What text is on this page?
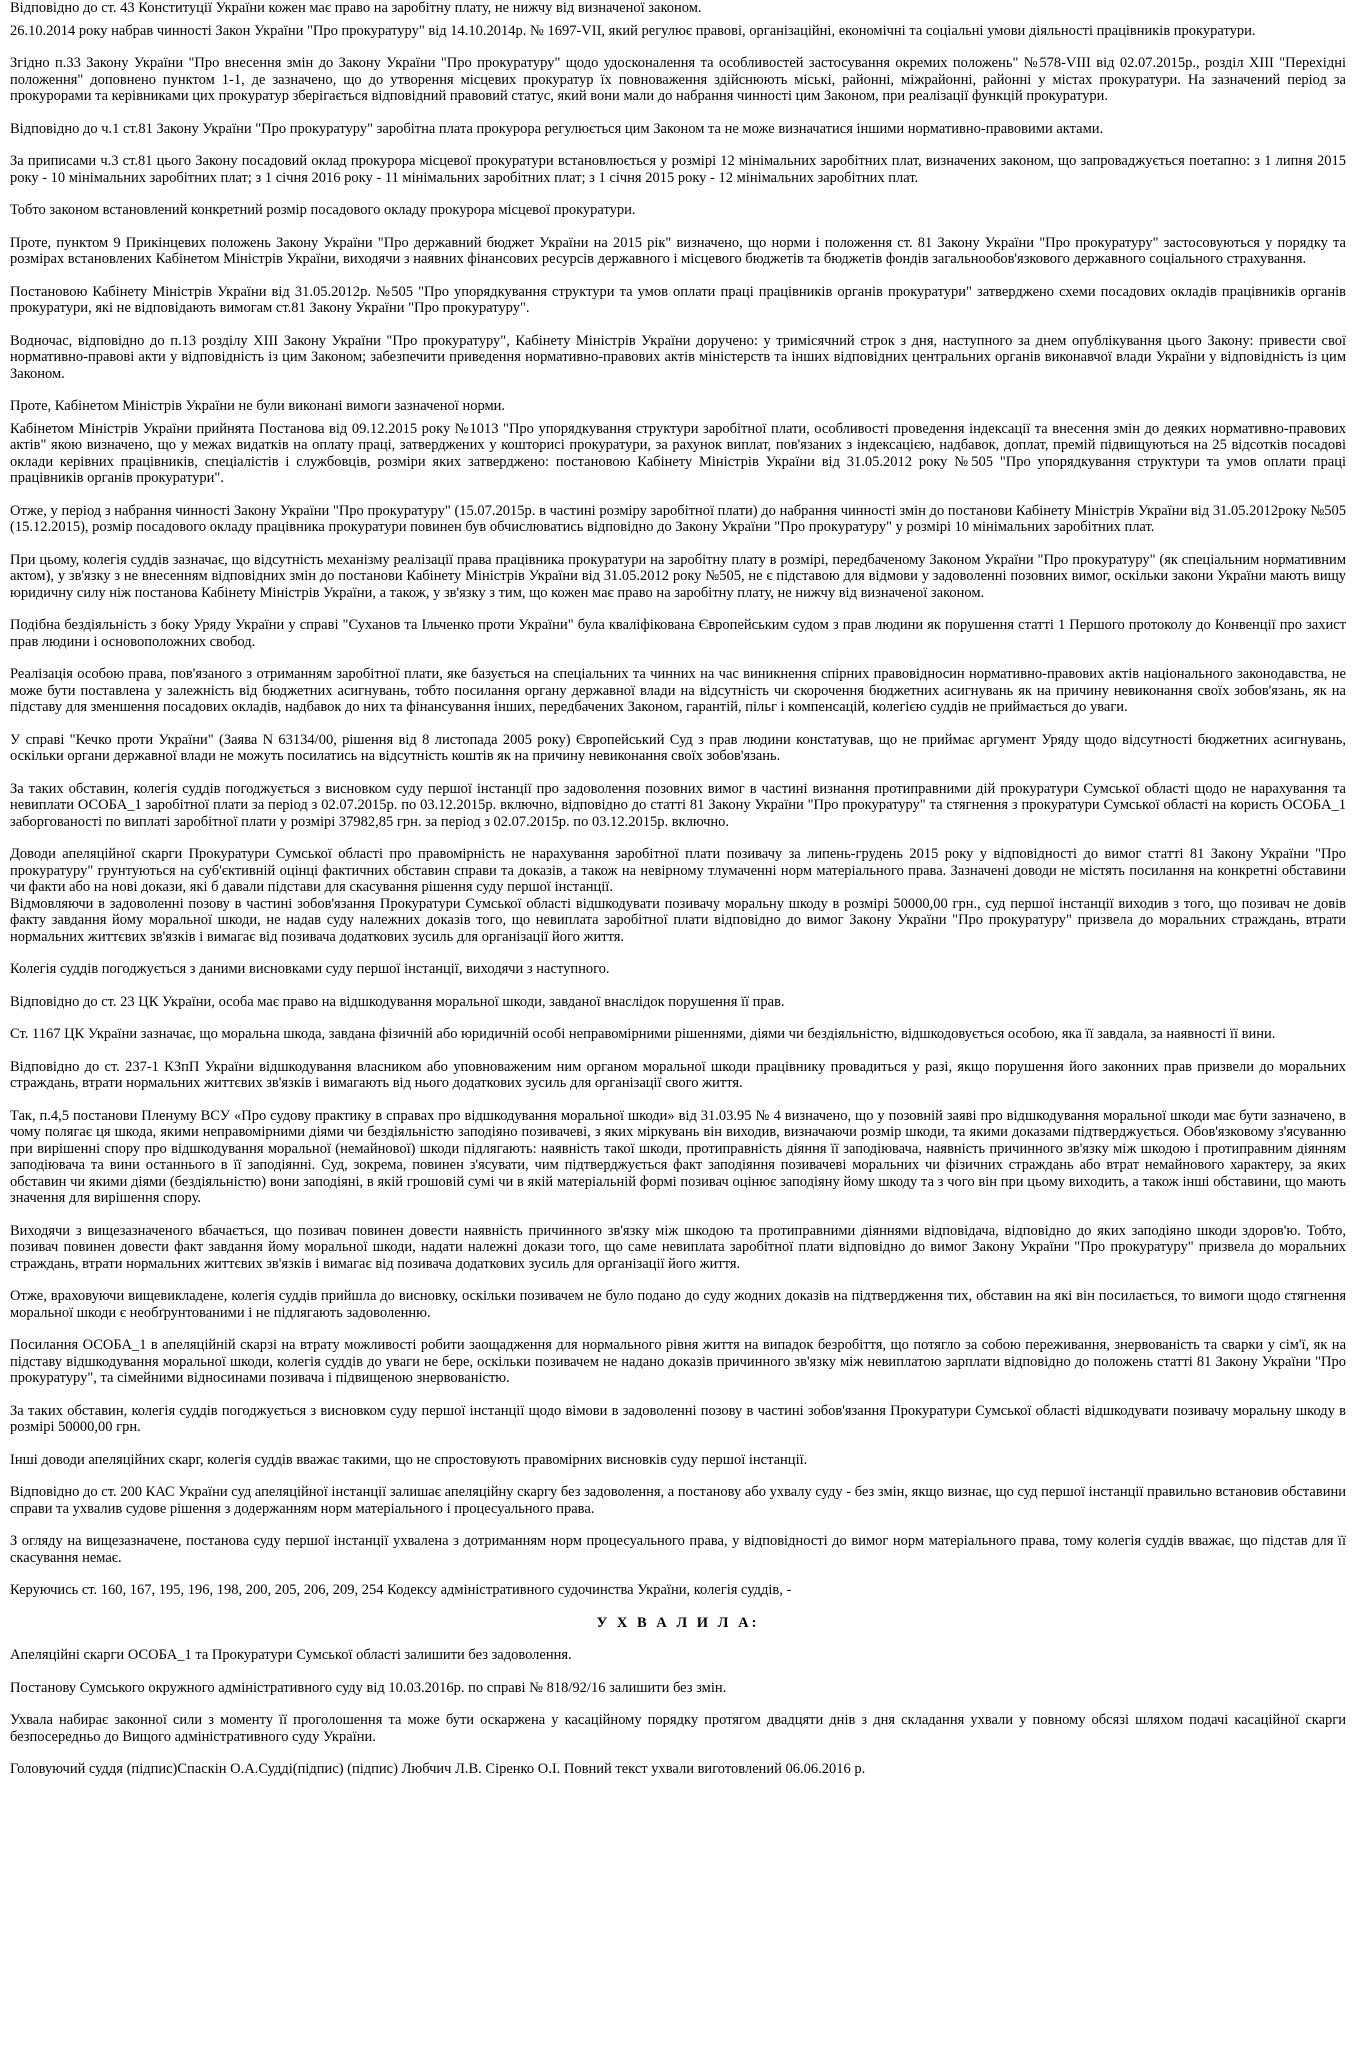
Відповідно до ст. 43 Конституції України кожен має право на заробітну плату, не нижчу від визначеної законом.

26.10.2014 року набрав чинності Закон України "Про прокуратуру" від 14.10.2014р. № 1697-VII, який регулює правові, організаційні, економічні та соціальні умови діяльності працівників прокуратури.

Згідно п.33 Закону України "Про внесення змін до Закону України "Про прокуратуру" щодо удосконалення та особливостей застосування окремих положень" №578-VIII від 02.07.2015р., розділ XIII "Перехідні положення" доповнено пунктом 1-1, де зазначено, що до утворення місцевих прокуратур їх повноваження здійснюють міські, районні, міжрайонні, районні у містах прокуратури. На зазначений період за прокурорами та керівниками цих прокуратур зберігається відповідний правовий статус, який вони мали до набрання чинності цим Законом, при реалізації функцій прокуратури.

Відповідно до ч.1 ст.81 Закону України "Про прокуратуру" заробітна плата прокурора регулюється цим Законом та не може визначатися іншими нормативно-правовими актами.

За приписами ч.3 ст.81 цього Закону посадовий оклад прокурора місцевої прокуратури встановлюється у розмірі 12 мінімальних заробітних плат, визначених законом, що запроваджується поетапно: з 1 липня 2015 року - 10 мінімальних заробітних плат; з 1 січня 2016 року - 11 мінімальних заробітних плат; з 1 січня 2015 року - 12 мінімальних заробітних плат.

Тобто законом встановлений конкретний розмір посадового окладу прокурора місцевої прокуратури.

Проте, пунктом 9 Прикінцевих положень Закону України "Про державний бюджет України на 2015 рік" визначено, що норми і положення ст. 81 Закону України "Про прокуратуру" застосовуються у порядку та розмірах встановлених Кабінетом Міністрів України, виходячи з наявних фінансових ресурсів державного і місцевого бюджетів та бюджетів фондів загальнообов'язкового державного соціального страхування.

Постановою Кабінету Міністрів України від 31.05.2012р. №505 "Про упорядкування структури та умов оплати праці працівників органів прокуратури" затверджено схеми посадових окладів працівників органів прокуратури, які не відповідають вимогам ст.81 Закону України "Про прокуратуру".

Водночас, відповідно до п.13 розділу XIII Закону України "Про прокуратуру", Кабінету Міністрів України доручено: у тримісячний строк з дня, наступного за днем опублікування цього Закону: привести свої нормативно-правові акти у відповідність із цим Законом; забезпечити приведення нормативно-правових актів міністерств та інших відповідних центральних органів виконавчої влади України у відповідність із цим Законом.

Проте, Кабінетом Міністрів України не були виконані вимоги зазначеної норми.

Кабінетом Міністрів України прийнята Постанова від 09.12.2015 року №1013 "Про упорядкування структури заробітної плати, особливості проведення індексації та внесення змін до деяких нормативно-правових актів" якою визначено, що у межах видатків на оплату праці, затверджених у кошторисі прокуратури, за рахунок виплат, пов'язаних з індексацією, надбавок, доплат, премій підвищуються на 25 відсотків посадові оклади керівних працівників, спеціалістів і службовців, розміри яких затверджено: постановою Кабінету Міністрів України від 31.05.2012 року №505 "Про упорядкування структури та умов оплати праці працівників органів прокуратури".

Отже, у період з набрання чинності Закону України "Про прокуратуру" (15.07.2015р. в частині розміру заробітної плати) до набрання чинності змін до постанови Кабінету Міністрів України від 31.05.2012року №505 (15.12.2015), розмір посадового окладу працівника прокуратури повинен був обчислюватись відповідно до Закону України "Про прокуратуру" у розмірі 10 мінімальних заробітних плат.

При цьому, колегія суддів зазначає, що відсутність механізму реалізації права працівника прокуратури на заробітну плату в розмірі, передбаченому Законом України "Про прокуратуру" (як спеціальним нормативним актом), у зв'язку з не внесенням відповідних змін до постанови Кабінету Міністрів України від 31.05.2012 року №505, не є підставою для відмови у задоволенні позовних вимог, оскільки закони України мають вищу юридичну силу ніж постанова Кабінету Міністрів України, а також, у зв'язку з тим, що кожен має право на заробітну плату, не нижчу від визначеної законом.

Подібна бездіяльність з боку Уряду України у справі "Суханов та Ільченко проти України" була кваліфікована Європейським судом з прав людини як порушення статті 1 Першого протоколу до Конвенції про захист прав людини і основоположних свобод.

Реалізація особою права, пов'язаного з отриманням заробітної плати, яке базується на спеціальних та чинних на час виникнення спірних правовідносин нормативно-правових актів національного законодавства, не може бути поставлена у залежність від бюджетних асигнувань, тобто посилання органу державної влади на відсутність чи скорочення бюджетних асигнувань як на причину невиконання своїх зобов'язань, як на підставу для зменшення посадових окладів, надбавок до них та фінансування інших, передбачених Законом, гарантій, пільг і компенсацій, колегією суддів не приймається до уваги.

У справі "Кечко проти України" (Заява N 63134/00, рішення від 8 листопада 2005 року) Європейський Суд з прав людини констатував, що не приймає аргумент Уряду щодо відсутності бюджетних асигнувань, оскільки органи державної влади не можуть посилатись на відсутність коштів як на причину невиконання своїх зобов'язань.

За таких обставин, колегія суддів погоджується з висновком суду першої інстанції про задоволення позовних вимог в частині визнання протиправними дій прокуратури Сумської області щодо не нарахування та невиплати ОСОБА_1 заробітної плати за період з 02.07.2015р. по 03.12.2015р. включно, відповідно до статті 81 Закону України "Про прокуратуру" та стягнення з прокуратури Сумської області на користь ОСОБА_1 заборгованості по виплаті заробітної плати у розмірі 37982,85 грн. за період з 02.07.2015р. по 03.12.2015р. включно.

Доводи апеляційної скарги Прокуратури Сумської області про правомірність не нарахування заробітної плати позивачу за липень-грудень 2015 року у відповідності до вимог статті 81 Закону України "Про прокуратуру" грунтуються на суб'єктивній оцінці фактичних обставин справи та доказів, а також на невірному тлумаченні норм матеріального права. Зазначені доводи не містять посилання на конкретні обставини чи факти або на нові докази, які б давали підстави для скасування рішення суду першої інстанції.

Відмовляючи в задоволенні позову в частині зобов'язання Прокуратури Сумської області відшкодувати позивачу моральну шкоду в розмірі 50000,00 грн., суд першої інстанції виходив з того, що позивач не довів факту завдання йому моральної шкоди, не надав суду належних доказів того, що невиплата заробітної плати відповідно до вимог Закону України "Про прокуратуру" призвела до моральних страждань, втрати нормальних життєвих зв'язків і вимагає від позивача додаткових зусиль для організації його життя.

Колегія суддів погоджується з даними висновками суду першої інстанції, виходячи з наступного.

Відповідно до ст. 23 ЦК України, особа має право на відшкодування моральної шкоди, завданої внаслідок порушення її прав.

Ст. 1167 ЦК України зазначає, що моральна шкода, завдана фізичній або юридичній особі неправомірними рішеннями, діями чи бездіяльністю, відшкодовується особою, яка її завдала, за наявності її вини.

Відповідно до ст. 237-1 КЗпП України відшкодування власником або уповноваженим ним органом моральної шкоди працівнику провадиться у разі, якщо порушення його законних прав призвели до моральних страждань, втрати нормальних життєвих зв'язків і вимагають від нього додаткових зусиль для організації свого життя.

Так, п.4,5 постанови Пленуму ВСУ «Про судову практику в справах про відшкодування моральної шкоди» від 31.03.95 № 4 визначено, що у позовній заяві про відшкодування моральної шкоди має бути зазначено, в чому полягає ця шкода, якими неправомірними діями чи бездіяльністю заподіяно позивачеві, з яких міркувань він виходив, визначаючи розмір шкоди, та якими доказами підтверджується. Обов'язковому з'ясуванню при вирішенні спору про відшкодування моральної (немайнової) шкоди підлягають: наявність такої шкоди, протиправність діяння її заподіювача, наявність причинного зв'язку між шкодою і протиправним діянням заподіювача та вини останнього в її заподіянні. Суд, зокрема, повинен з'ясувати, чим підтверджується факт заподіяння позивачеві моральних чи фізичних страждань або втрат немайнового характеру, за яких обставин чи якими діями (бездіяльністю) вони заподіяні, в якій грошовій сумі чи в якій матеріальній формі позивач оцінює заподіяну йому шкоду та з чого він при цьому виходить, а також інші обставини, що мають значення для вирішення спору.

Виходячи з вищезазначеного вбачається, що позивач повинен довести наявність причинного зв'язку між шкодою та протиправними діяннями відповідача, відповідно до яких заподіяно шкоди здоров'ю. Тобто, позивач повинен довести факт завдання йому моральної шкоди, надати належні докази того, що саме невиплата заробітної плати відповідно до вимог Закону України "Про прокуратуру" призвела до моральних страждань, втрати нормальних життєвих зв'язків і вимагає від позивача додаткових зусиль для організації його життя.

Отже, враховуючи вищевикладене, колегія суддів прийшла до висновку, оскільки позивачем не було подано до суду жодних доказів на підтвердження тих, обставин на які він посилається, то вимоги щодо стягнення моральної шкоди є необґрунтованими і не підлягають задоволенню.

Посилання ОСОБА_1 в апеляційній скарзі на втрату можливості робити заощадження для нормального рівня життя на випадок безробіття, що потягло за собою переживання, знервованість та сварки у сім'ї, як на підставу відшкодування моральної шкоди, колегія суддів до уваги не бере, оскільки позивачем не надано доказів причинного зв'язку між невиплатою зарплати відповідно до положень статті 81 Закону України "Про прокуратуру", та сімейними відносинами позивача і підвищеною знервованістю.

За таких обставин, колегія суддів погоджується з висновком суду першої інстанції щодо вімови в задоволенні позову в частині зобов'язання Прокуратури Сумської області відшкодувати позивачу моральну шкоду в розмірі 50000,00 грн.

Інші доводи апеляційних скарг, колегія суддів вважає такими, що не спростовують правомірних висновків суду першої інстанції.

Відповідно до ст. 200 КАС України суд апеляційної інстанції залишає апеляційну скаргу без задоволення, а постанову або ухвалу суду - без змін, якщо визнає, що суд першої інстанції правильно встановив обставини справи та ухвалив судове рішення з додержанням норм матеріального і процесуального права.

З огляду на вищезазначене, постанова суду першої інстанції ухвалена з дотриманням норм процесуального права, у відповідності до вимог норм матеріального права, тому колегія суддів вважає, що підстав для її скасування немає.

Керуючись ст. 160, 167, 195, 196, 198, 200, 205, 206, 209, 254 Кодексу адміністративного судочинства України, колегія суддів, -

У Х В А Л И Л А:

Апеляційні скарги ОСОБА_1 та Прокуратури Сумської області залишити без задоволення.

Постанову Сумського окружного адміністративного суду від 10.03.2016р. по справі № 818/92/16 залишити без змін.

Ухвала набирає законної сили з моменту її проголошення та може бути оскаржена у касаційному порядку протягом двадцяти днів з дня складання ухвали у повному обсязі шляхом подачі касаційної скарги безпосередньо до Вищого адміністративного суду України.

Головуючий суддя (підпис)Спаскін О.А.Судді(підпис) (підпис) Любчич Л.В. Сіренко О.І. Повний текст ухвали виготовлений 06.06.2016 р.
